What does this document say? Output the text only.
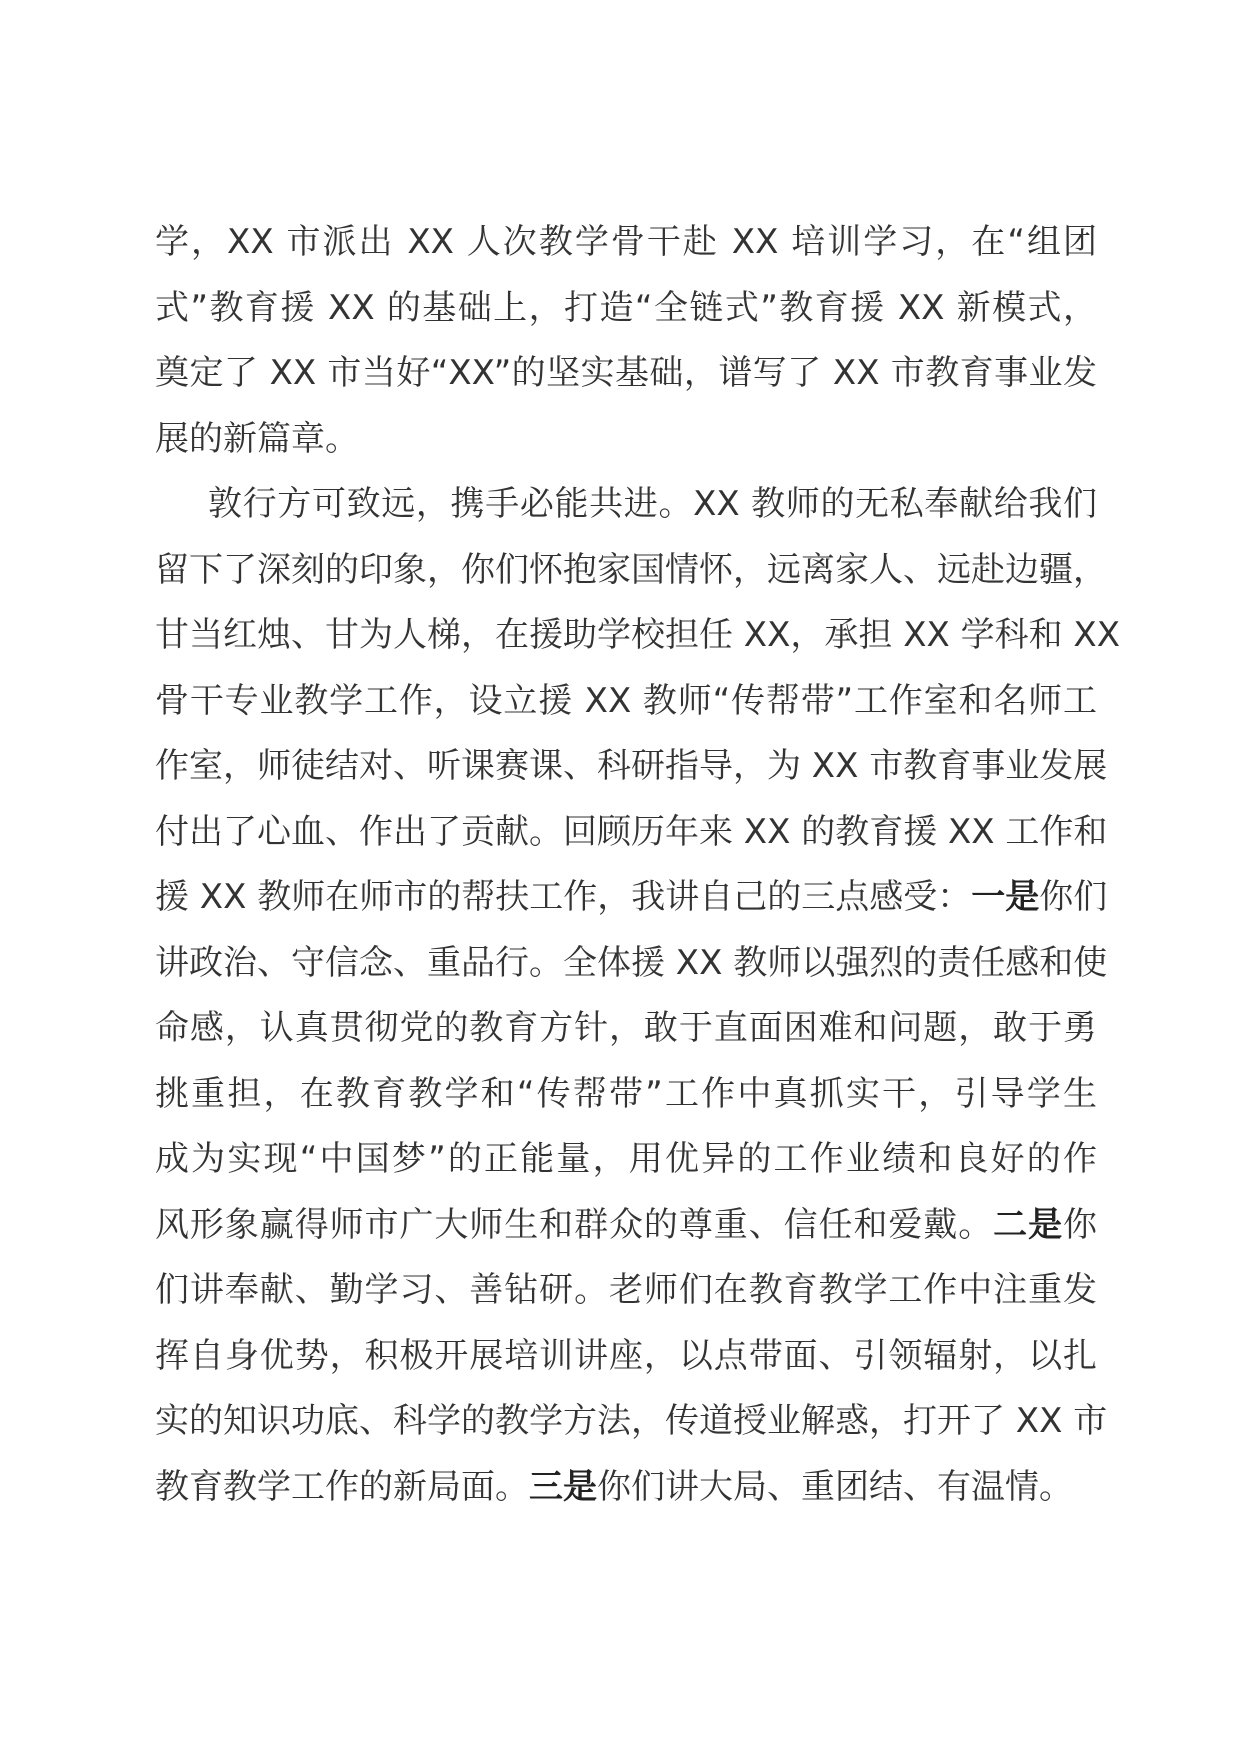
学，XX 市派出 XX 人次教学骨干赴 XX 培训学习，在“组团
式”教育援 XX 的基础上，打造“全链式”教育援 XX 新模式，
奠定了 XX 市当好“XX”的坚实基础，谱写了 XX 市教育事业发
展的新篇章。
敦行方可致远，携手必能共进。XX 教师的无私奉献给我们
留下了深刻的印象，你们怀抱家国情怀，远离家人、远赴边疆，
甘当红烛、甘为人梯，在援助学校担任 XX，承担 XX 学科和 XX
骨干专业教学工作，设立援 XX 教师“传帮带”工作室和名师工
作室，师徒结对、听课赛课、科研指导，为 XX 市教育事业发展
付出了心血、作出了贡献。回顾历年来 XX 的教育援 XX 工作和
援 XX 教师在师市的帮扶工作，我讲自己的三点感受：一是你们
讲政治、守信念、重品行。全体援 XX 教师以强烈的责任感和使
命感，认真贯彻党的教育方针，敢于直面困难和问题，敢于勇
挑重担，在教育教学和“传帮带”工作中真抓实干，引导学生
成为实现“中国梦”的正能量，用优异的工作业绩和良好的作
风形象赢得师市广大师生和群众的尊重、信任和爱戴。二是你
们讲奉献、勤学习、善钻研。老师们在教育教学工作中注重发
挥自身优势，积极开展培训讲座，以点带面、引领辐射，以扎
实的知识功底、科学的教学方法，传道授业解惑，打开了 XX 市
教育教学工作的新局面。三是你们讲大局、重团结、有温情。
